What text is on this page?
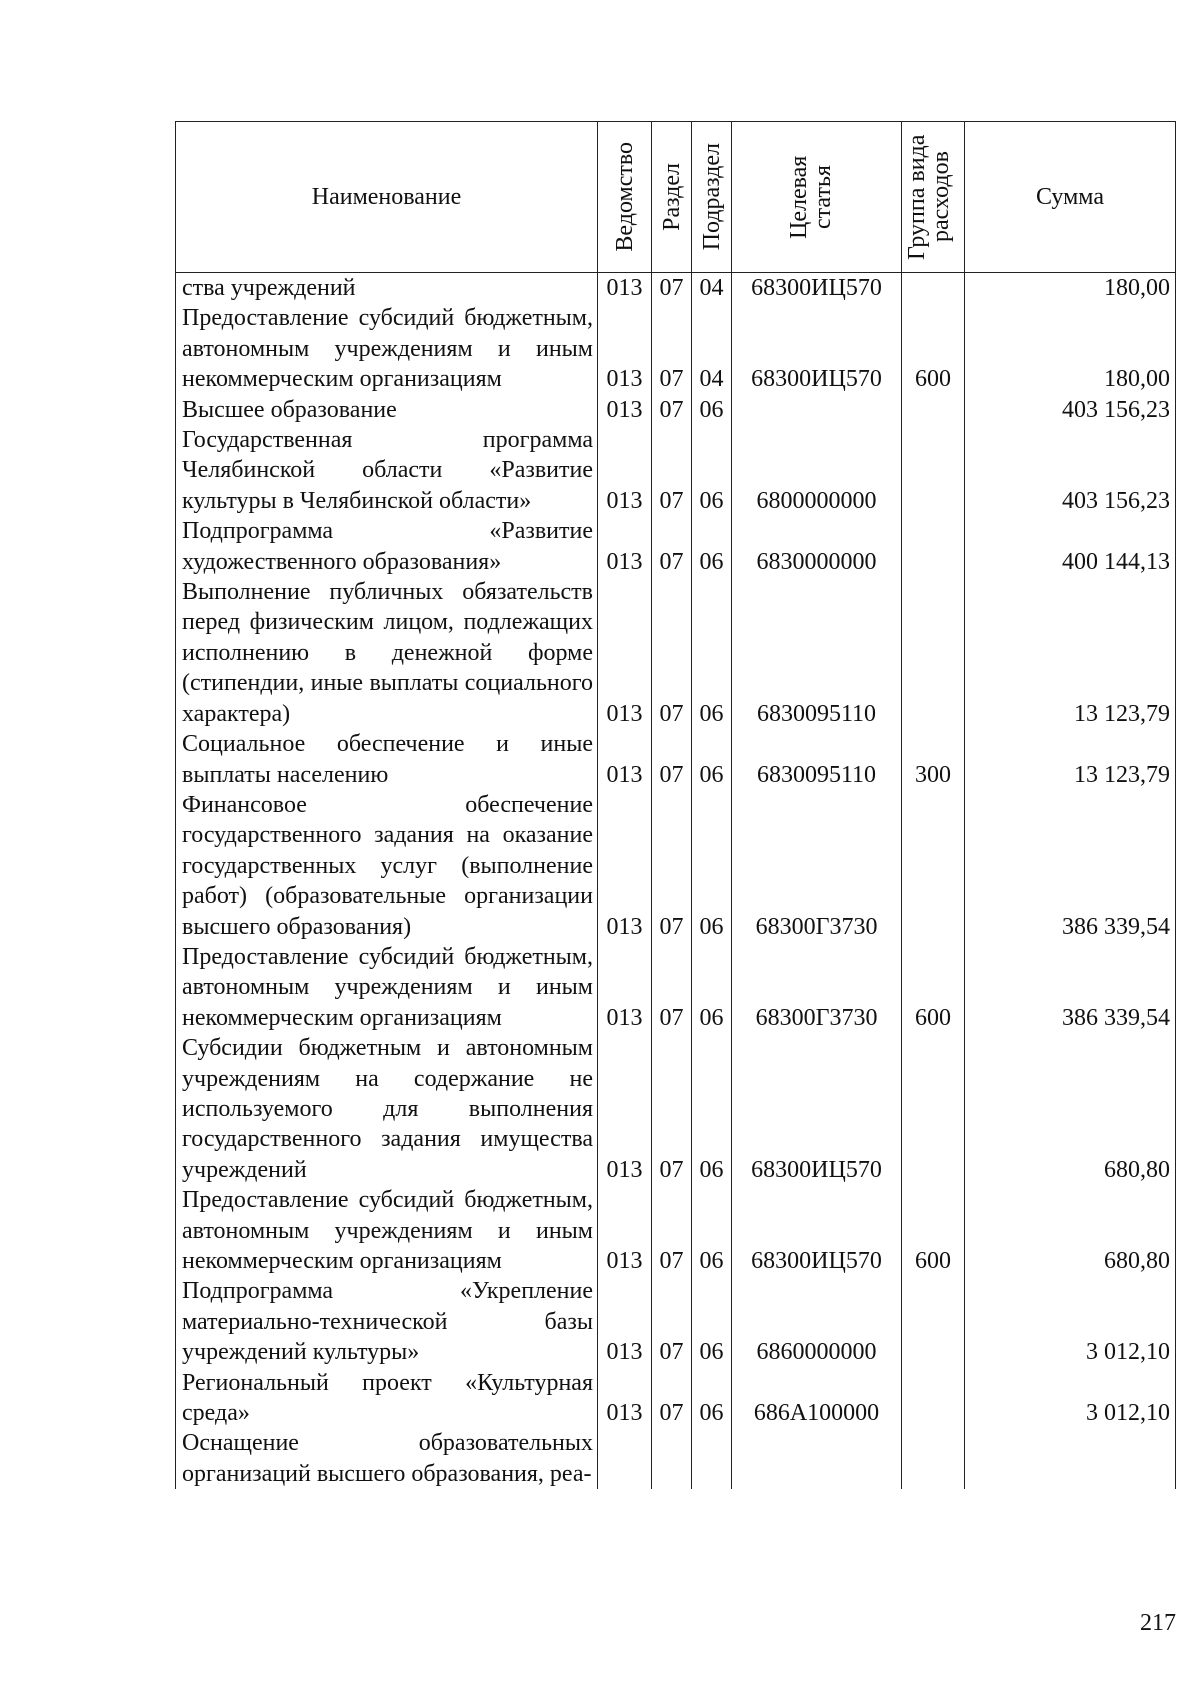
Наименование	Ведомство	Раздел	Подраздел	Целевая статья	Группа вида расходов	Сумма
ства учреждений	013	07	04	68300ИЦ570		180,00
Предоставление субсидий бюджетным, автономным учреждениям и иным некоммерческим организациям	013	07	04	68300ИЦ570	600	180,00
Высшее образование	013	07	06			403 156,23
Государственная программа Челябинской области «Развитие культуры в Челябинской области»	013	07	06	6800000000		403 156,23
Подпрограмма «Развитие художественного образования»	013	07	06	6830000000		400 144,13
Выполнение публичных обязательств перед физическим лицом, подлежащих исполнению в денежной форме (стипендии, иные выплаты социального характера)	013	07	06	6830095110		13 123,79
Социальное обеспечение и иные выплаты населению	013	07	06	6830095110	300	13 123,79
Финансовое обеспечение государственного задания на оказание государственных услуг (выполнение работ) (образовательные организации высшего образования)	013	07	06	68300Г3730		386 339,54
Предоставление субсидий бюджетным, автономным учреждениям и иным некоммерческим организациям	013	07	06	68300Г3730	600	386 339,54
Субсидии бюджетным и автономным учреждениям на содержание не используемого для выполнения государственного задания имущества учреждений	013	07	06	68300ИЦ570		680,80
Предоставление субсидий бюджетным, автономным учреждениям и иным некоммерческим организациям	013	07	06	68300ИЦ570	600	680,80
Подпрограмма «Укрепление материально-технической базы учреждений культуры»	013	07	06	6860000000		3 012,10
Региональный проект «Культурная среда»	013	07	06	686A100000		3 012,10
Оснащение образовательных организаций высшего образования, реа-						
217
